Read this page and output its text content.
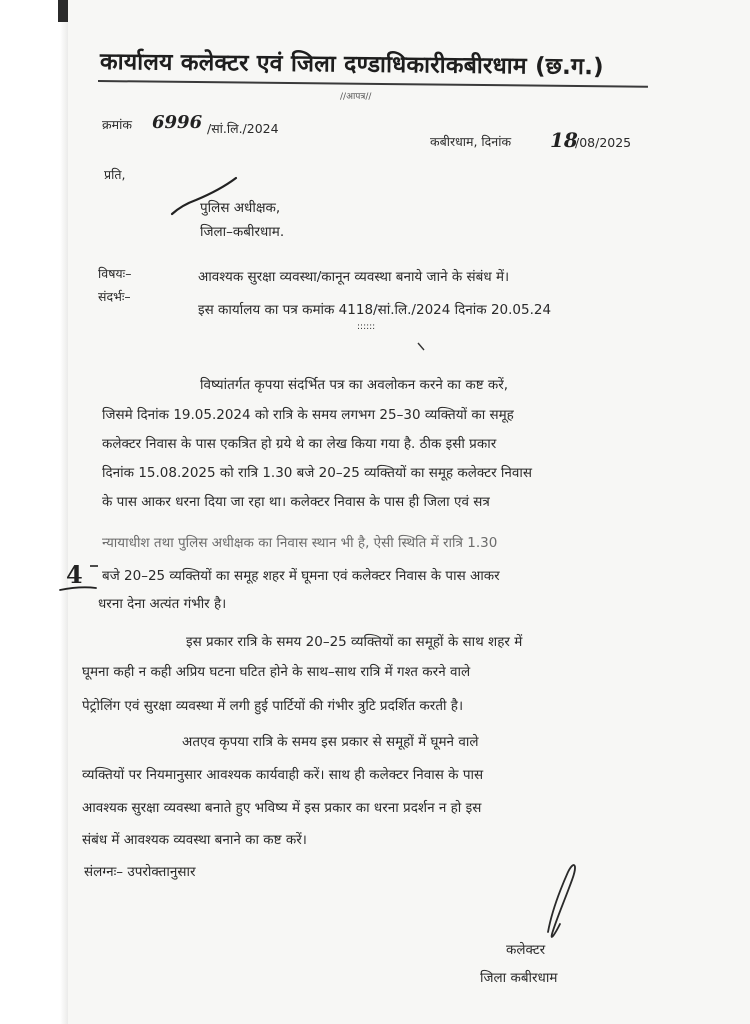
कार्यालय कलेक्टर एवं जिला दण्डाधिकारीकबीरधाम (छ.ग.)
//आपत्र//
क्रमांक 6996 /सां.लि./2024
कबीरधाम, दिनांक 18
/08/2025
प्रति,
पुलिस अधीक्षक,
जिला–कबीरधाम.
विषयः–	आवश्यक सुरक्षा व्यवस्था/कानून व्यवस्था बनाये जाने के संबंध में।
संदर्भः–
इस कार्यालय का पत्र कमांक 4118/सां.लि./2024 दिनांक 20.05.24
::::::
विष्यांतर्गत कृपया संदर्भित पत्र का अवलोकन करने का कष्ट करें,
जिसमे दिनांक 19.05.2024 को रात्रि के समय लगभग 25–30 व्यक्तियों का समूह
कलेक्टर निवास के पास एकत्रित हो ग्रये थे का लेख किया गया है. ठीक इसी प्रकार
दिनांक 15.08.2025 को रात्रि 1.30 बजे 20–25 व्यक्तियों का समूह कलेक्टर निवास
के पास आकर धरना दिया जा रहा था। कलेक्टर निवास के पास ही जिला एवं सत्र
न्यायाधीश तथा पुलिस अधीक्षक का निवास स्थान भी है, ऐसी स्थिति में रात्रि 1.30
बजे 20–25 व्यक्तियों का समूह शहर में घूमना एवं कलेक्टर निवास के पास आकर
धरना देना अत्यंत गंभीर है।
4
इस प्रकार रात्रि के समय 20–25 व्यक्तियों का समूहों के साथ शहर में
घूमना कही न कही अप्रिय घटना घटित होने के साथ–साथ रात्रि में गश्त करने वाले
पेट्रोलिंग एवं सुरक्षा व्यवस्था में लगी हुई पार्टियों की गंभीर त्रुटि प्रदर्शित करती है।
अतएव कृपया रात्रि के समय इस प्रकार से समूहों में घूमने वाले
व्यक्तियों पर नियमानुसार आवश्यक कार्यवाही करें। साथ ही कलेक्टर निवास के पास
आवश्यक सुरक्षा व्यवस्था बनाते हुए भविष्य में इस प्रकार का धरना प्रदर्शन न हो इस
संबंध में आवश्यक व्यवस्था बनाने का कष्ट करें।
संलग्नः– उपरोक्तानुसार
कलेक्टर
जिला कबीरधाम
